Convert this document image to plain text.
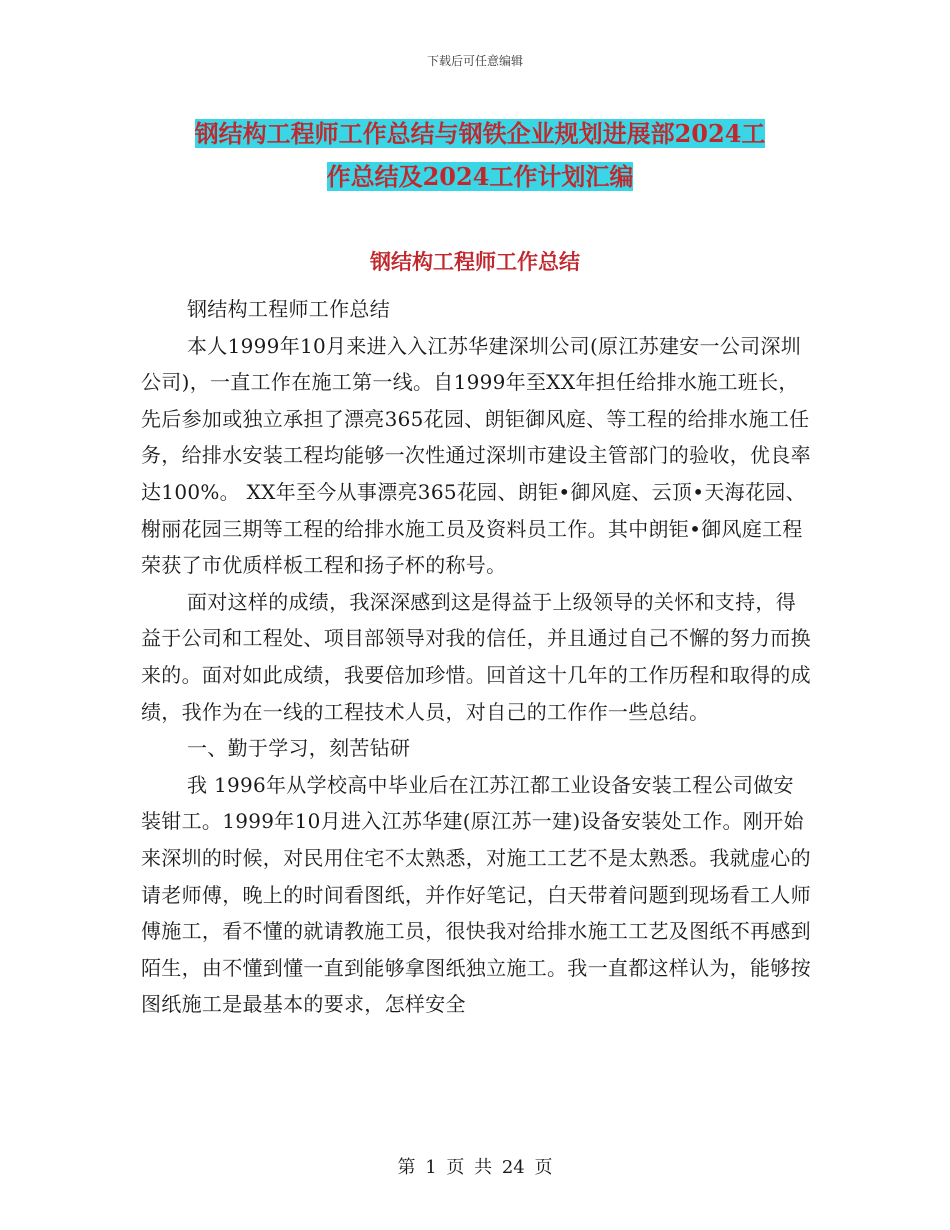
下载后可任意编辑
钢结构工程师工作总结与钢铁企业规划进展部2024工
作总结及2024工作计划汇编
钢结构工程师工作总结

钢结构工程师工作总结

本人1999年10月来进入入江苏华建深圳公司(原江苏建安一公司深圳公司)，一直工作在施工第一线。自1999年至XX年担任给排水施工班长，先后参加或独立承担了漂亮365花园、朗钜御风庭、等工程的给排水施工任务，给排水安装工程均能够一次性通过深圳市建设主管部门的验收，优良率达100%。 XX年至今从事漂亮365花园、朗钜•御风庭、云顶•天海花园、榭丽花园三期等工程的给排水施工员及资料员工作。其中朗钜•御风庭工程荣获了市优质样板工程和扬子杯的称号。

面对这样的成绩，我深深感到这是得益于上级领导的关怀和支持，得益于公司和工程处、项目部领导对我的信任，并且通过自己不懈的努力而换来的。面对如此成绩，我要倍加珍惜。回首这十几年的工作历程和取得的成绩，我作为在一线的工程技术人员，对自己的工作作一些总结。

一、勤于学习，刻苦钻研

我 1996年从学校高中毕业后在江苏江都工业设备安装工程公司做安装钳工。1999年10月进入江苏华建(原江苏一建)设备安装处工作。刚开始来深圳的时候，对民用住宅不太熟悉，对施工工艺不是太熟悉。我就虚心的请老师傅，晚上的时间看图纸，并作好笔记，白天带着问题到现场看工人师傅施工，看不懂的就请教施工员，很快我对给排水施工工艺及图纸不再感到陌生，由不懂到懂一直到能够拿图纸独立施工。我一直都这样认为，能够按图纸施工是最基本的要求，怎样安全

第 1 页 共 24 页
